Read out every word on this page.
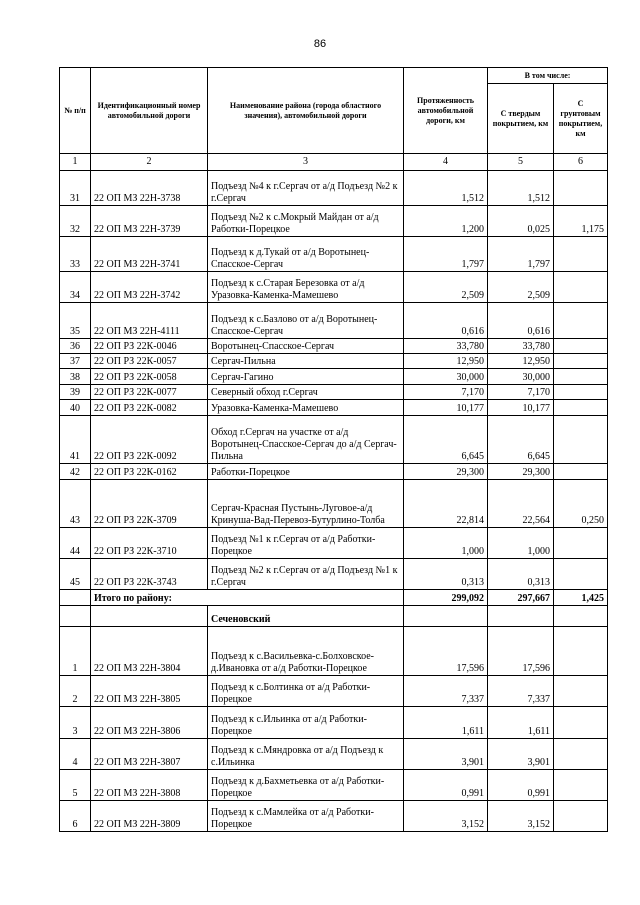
86
№ п/п	Идентификационный номер автомобильной дороги	Наименование района (города областного значения), автомобильной дороги	Протяженность автомобильной дороги, км	В том числе:	
				С твердым покрытием, км	С грунтовым покрытием, км
1	2	3	4	5	6
31	22 ОП МЗ 22Н-3738	Подъезд №4 к г.Сергач от а/д Подъезд №2 к г.Сергач	1,512	1,512	
32	22 ОП МЗ 22Н-3739	Подъезд №2 к с.Мокрый Майдан от а/д Работки-Порецкое	1,200	0,025	1,175
33	22 ОП МЗ 22Н-3741	Подъезд к д.Тукай от а/д Воротынец-Спасское-Сергач	1,797	1,797	
34	22 ОП МЗ 22Н-3742	Подъезд к с.Старая Березовка от а/д Уразовка-Каменка-Мамешево	2,509	2,509	
35	22 ОП МЗ 22Н-4111	Подъезд к с.Базлово от а/д Воротынец-Спасское-Сергач	0,616	0,616	
36	22 ОП РЗ 22К-0046	Воротынец-Спасское-Сергач	33,780	33,780	
37	22 ОП РЗ 22К-0057	Сергач-Пильна	12,950	12,950	
38	22 ОП РЗ 22К-0058	Сергач-Гагино	30,000	30,000	
39	22 ОП РЗ 22К-0077	Северный обход г.Сергач	7,170	7,170	
40	22 ОП РЗ 22К-0082	Уразовка-Каменка-Мамешево	10,177	10,177	
41	22 ОП РЗ 22К-0092	Обход г.Сергач на участке от а/д Воротынец-Спасское-Сергач до а/д Сергач-Пильна	6,645	6,645	
42	22 ОП РЗ 22К-0162	Работки-Порецкое	29,300	29,300	
43	22 ОП РЗ 22К-3709	Сергач-Красная Пустынь-Луговое-а/д Кринуша-Вад-Перевоз-Бутурлино-Толба	22,814	22,564	0,250
44	22 ОП РЗ 22К-3710	Подъезд №1 к г.Сергач от а/д Работки-Порецкое	1,000	1,000	
45	22 ОП РЗ 22К-3743	Подъезд №2 к г.Сергач от а/д Подъезд №1 к г.Сергач	0,313	0,313	
	Итого по району:		299,092	297,667	1,425
		Сеченовский			
1	22 ОП МЗ 22Н-3804	Подъезд к с.Васильевка-с.Болховское-д.Ивановка от а/д Работки-Порецкое	17,596	17,596	
2	22 ОП МЗ 22Н-3805	Подъезд к с.Болтинка от а/д Работки-Порецкое	7,337	7,337	
3	22 ОП МЗ 22Н-3806	Подъезд к с.Ильинка от а/д Работки-Порецкое	1,611	1,611	
4	22 ОП МЗ 22Н-3807	Подъезд к с.Мяндровка от а/д Подъезд к с.Ильинка	3,901	3,901	
5	22 ОП МЗ 22Н-3808	Подъезд к д.Бахметьевка от а/д Работки-Порецкое	0,991	0,991	
6	22 ОП МЗ 22Н-3809	Подъезд к с.Мамлейка от а/д Работки-Порецкое	3,152	3,152	
